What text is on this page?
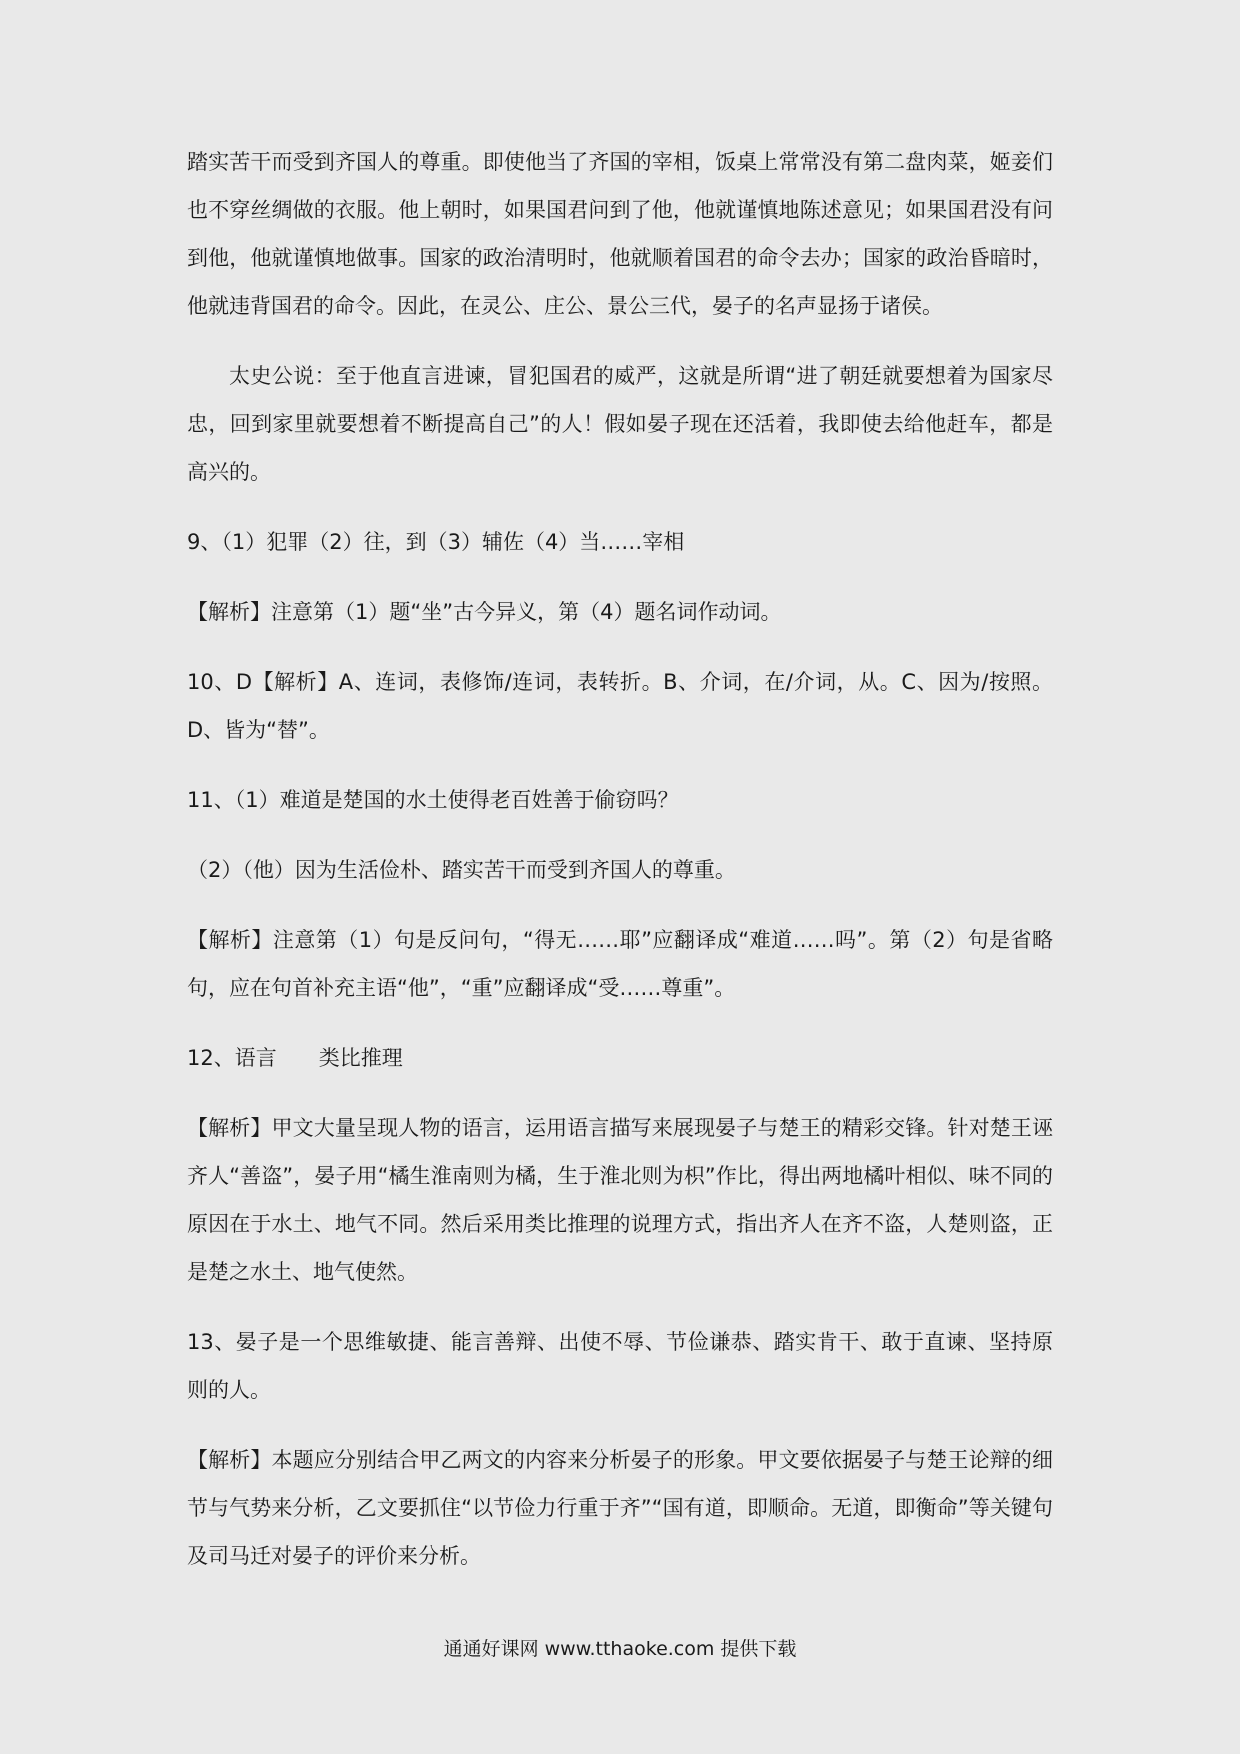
踏实苦干而受到齐国人的尊重。即使他当了齐国的宰相，饭桌上常常没有第二盘肉菜，姬妾们也不穿丝绸做的衣服。他上朝时，如果国君问到了他，他就谨慎地陈述意见；如果国君没有问到他，他就谨慎地做事。国家的政治清明时，他就顺着国君的命令去办；国家的政治昏暗时，他就违背国君的命令。因此，在灵公、庄公、景公三代，晏子的名声显扬于诸侯。

太史公说：至于他直言进谏，冒犯国君的威严，这就是所谓“进了朝廷就要想着为国家尽忠，回到家里就要想着不断提高自己”的人！假如晏子现在还活着，我即使去给他赶车，都是高兴的。

9、（1）犯罪（2）往，到（3）辅佐（4）当……宰相

【解析】注意第（1）题“坐”古今异义，第（4）题名词作动词。

10、D【解析】A、连词，表修饰/连词，表转折。B、介词，在/介词，从。C、因为/按照。D、皆为“替”。

11、（1）难道是楚国的水土使得老百姓善于偷窃吗？

（2）（他）因为生活俭朴、踏实苦干而受到齐国人的尊重。

【解析】注意第（1）句是反问句，“得无……耶”应翻译成“难道……吗”。第（2）句是省略句，应在句首补充主语“他”，“重”应翻译成“受……尊重”。

12、语言　　类比推理

【解析】甲文大量呈现人物的语言，运用语言描写来展现晏子与楚王的精彩交锋。针对楚王诬齐人“善盗”，晏子用“橘生淮南则为橘，生于淮北则为枳”作比，得出两地橘叶相似、味不同的原因在于水土、地气不同。然后采用类比推理的说理方式，指出齐人在齐不盗，人楚则盗，正是楚之水土、地气使然。

13、晏子是一个思维敏捷、能言善辩、出使不辱、节俭谦恭、踏实肯干、敢于直谏、坚持原则的人。

【解析】本题应分别结合甲乙两文的内容来分析晏子的形象。甲文要依据晏子与楚王论辩的细节与气势来分析，乙文要抓住“以节俭力行重于齐”“国有道，即顺命。无道，即衡命”等关键句及司马迁对晏子的评价来分析。

通通好课网 www.tthaoke.com 提供下载
